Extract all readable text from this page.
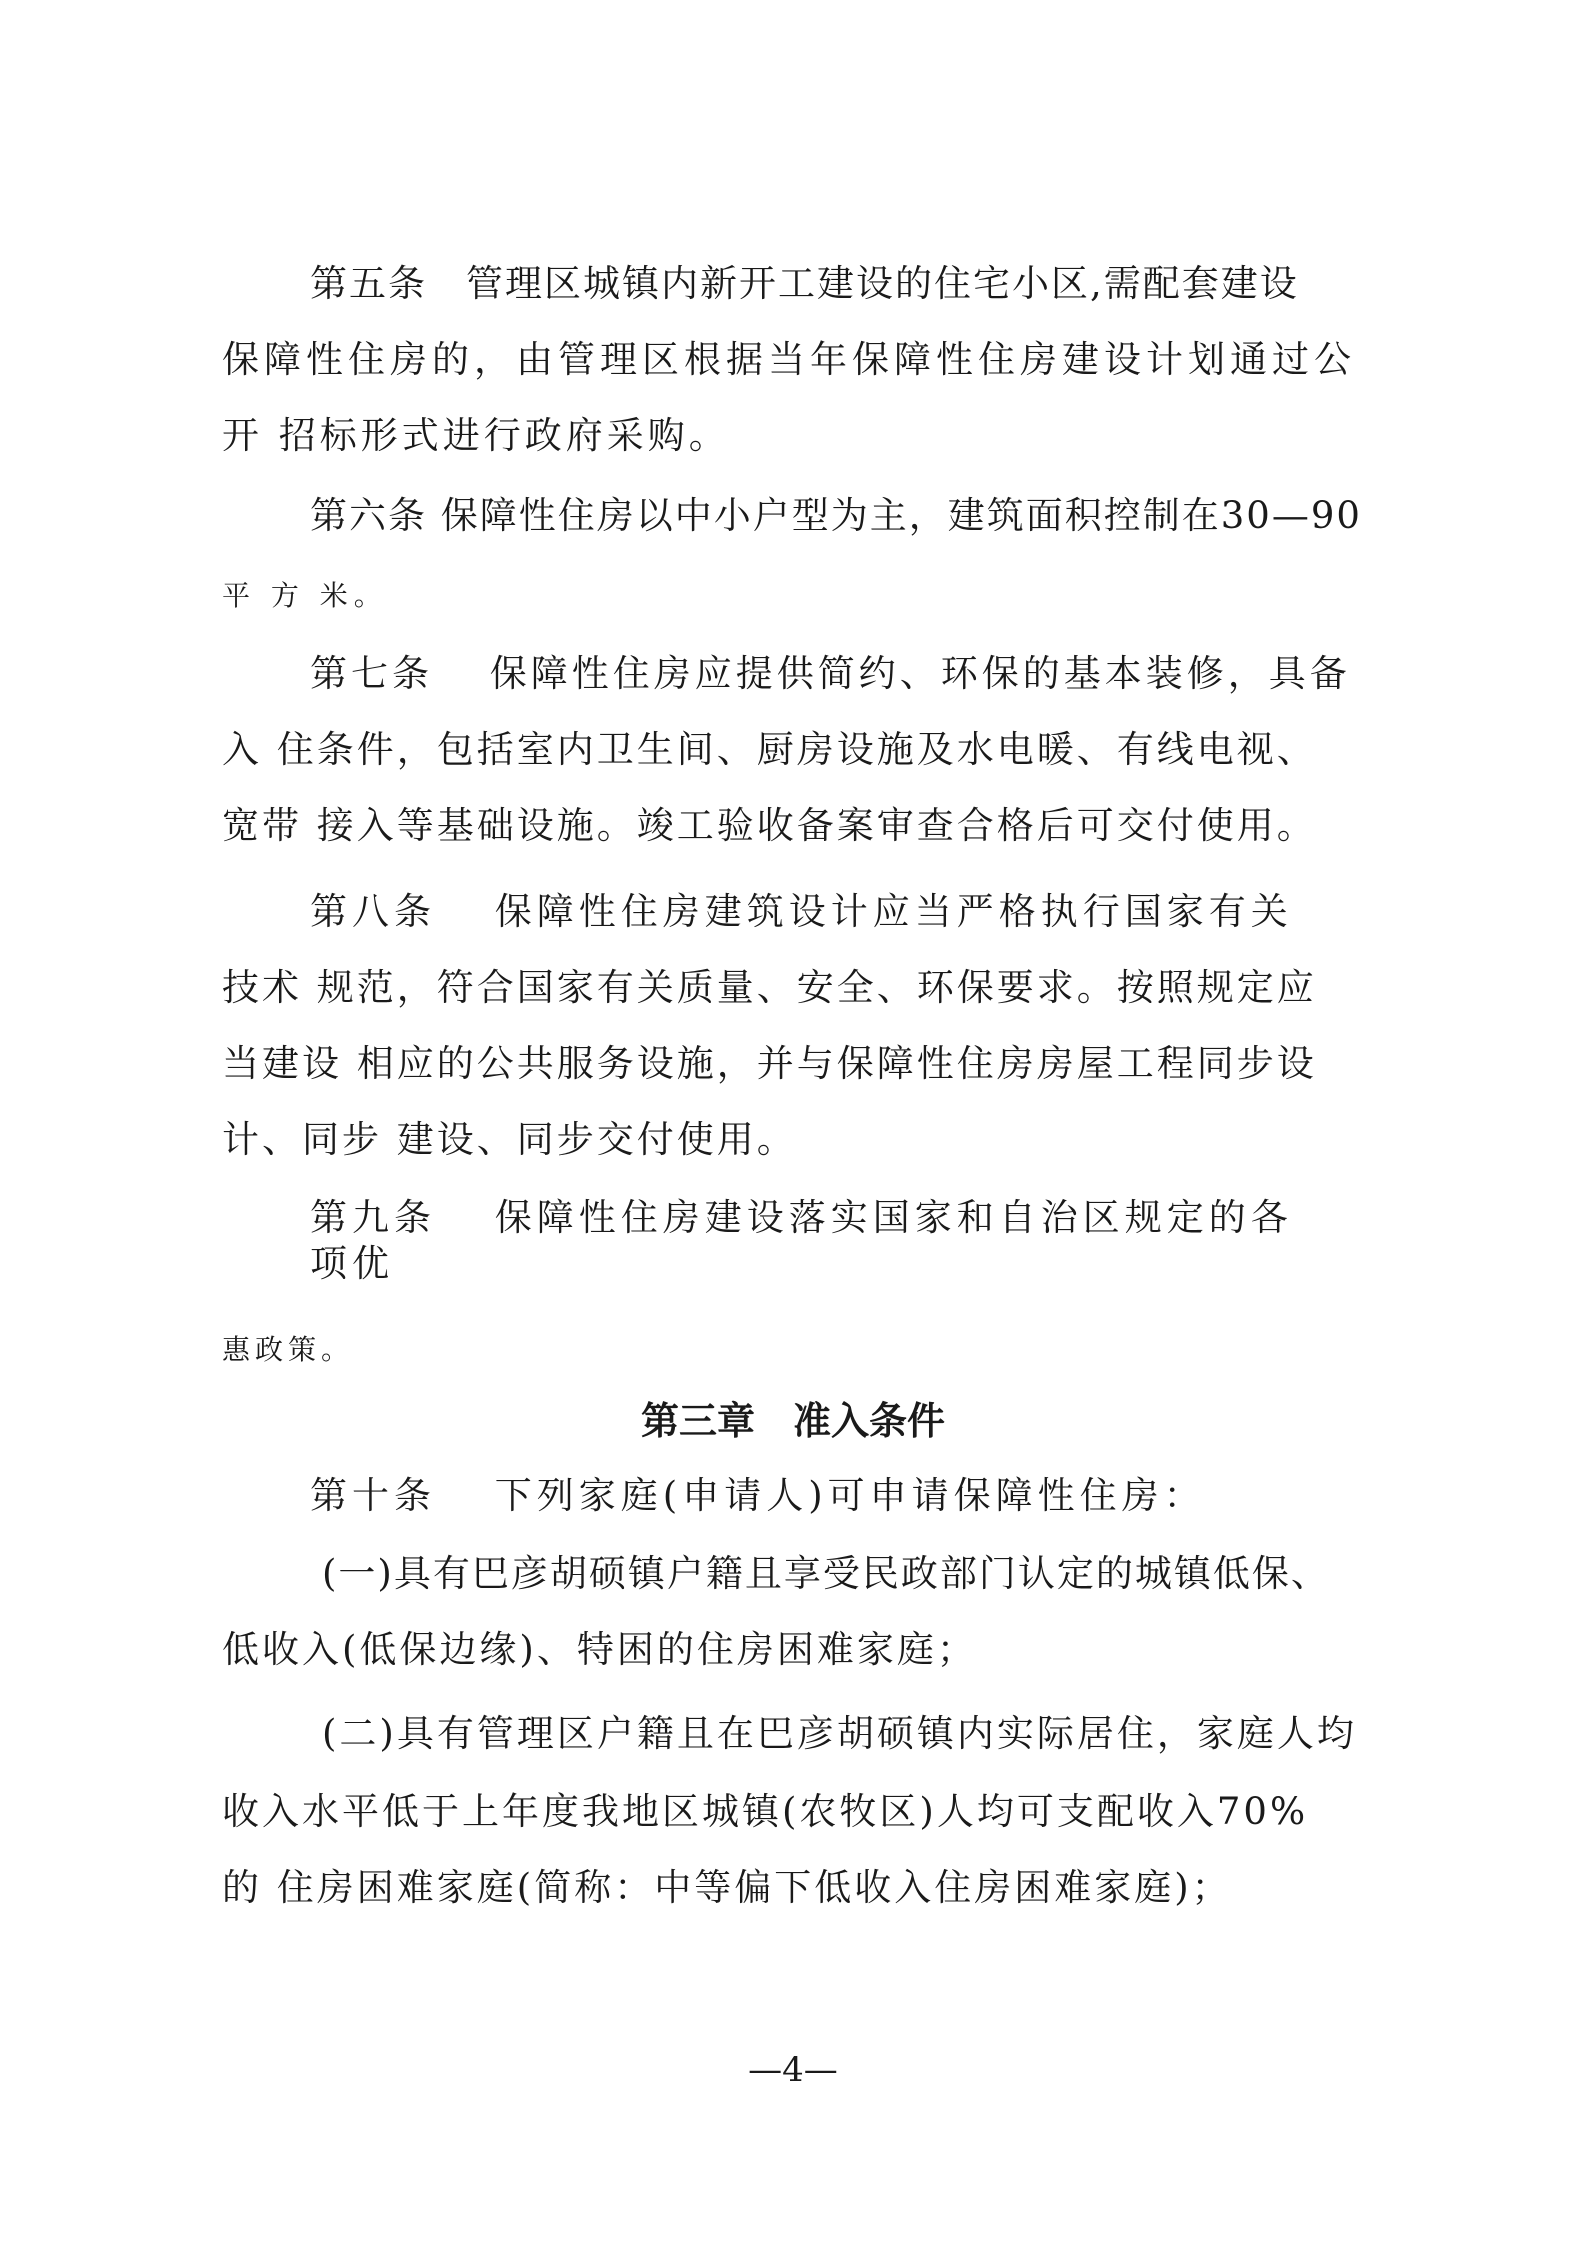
第五条　管理区城镇内新开工建设的住宅小区,需配套建设
保障性住房的，由管理区根据当年保障性住房建设计划通过公
开 招标形式进行政府采购。
第六条 保障性住房以中小户型为主，建筑面积控制在30—90
平 方 米。
第七条　 保障性住房应提供简约、环保的基本装修，具备
入 住条件，包括室内卫生间、厨房设施及水电暖、有线电视、
宽带 接入等基础设施。竣工验收备案审查合格后可交付使用。
第八条　 保障性住房建筑设计应当严格执行国家有关
技术 规范，符合国家有关质量、安全、环保要求。按照规定应
当建设 相应的公共服务设施，并与保障性住房房屋工程同步设
计、同步 建设、同步交付使用。
第九条　 保障性住房建设落实国家和自治区规定的各
项优
惠政策。
第三章　准入条件
第十条　 下列家庭(申请人)可申请保障性住房：
(一)具有巴彦胡硕镇户籍且享受民政部门认定的城镇低保、
低收入(低保边缘)、特困的住房困难家庭；
(二)具有管理区户籍且在巴彦胡硕镇内实际居住，家庭人均
收入水平低于上年度我地区城镇(农牧区)人均可支配收入70%
的 住房困难家庭(简称：中等偏下低收入住房困难家庭)；
—4—
